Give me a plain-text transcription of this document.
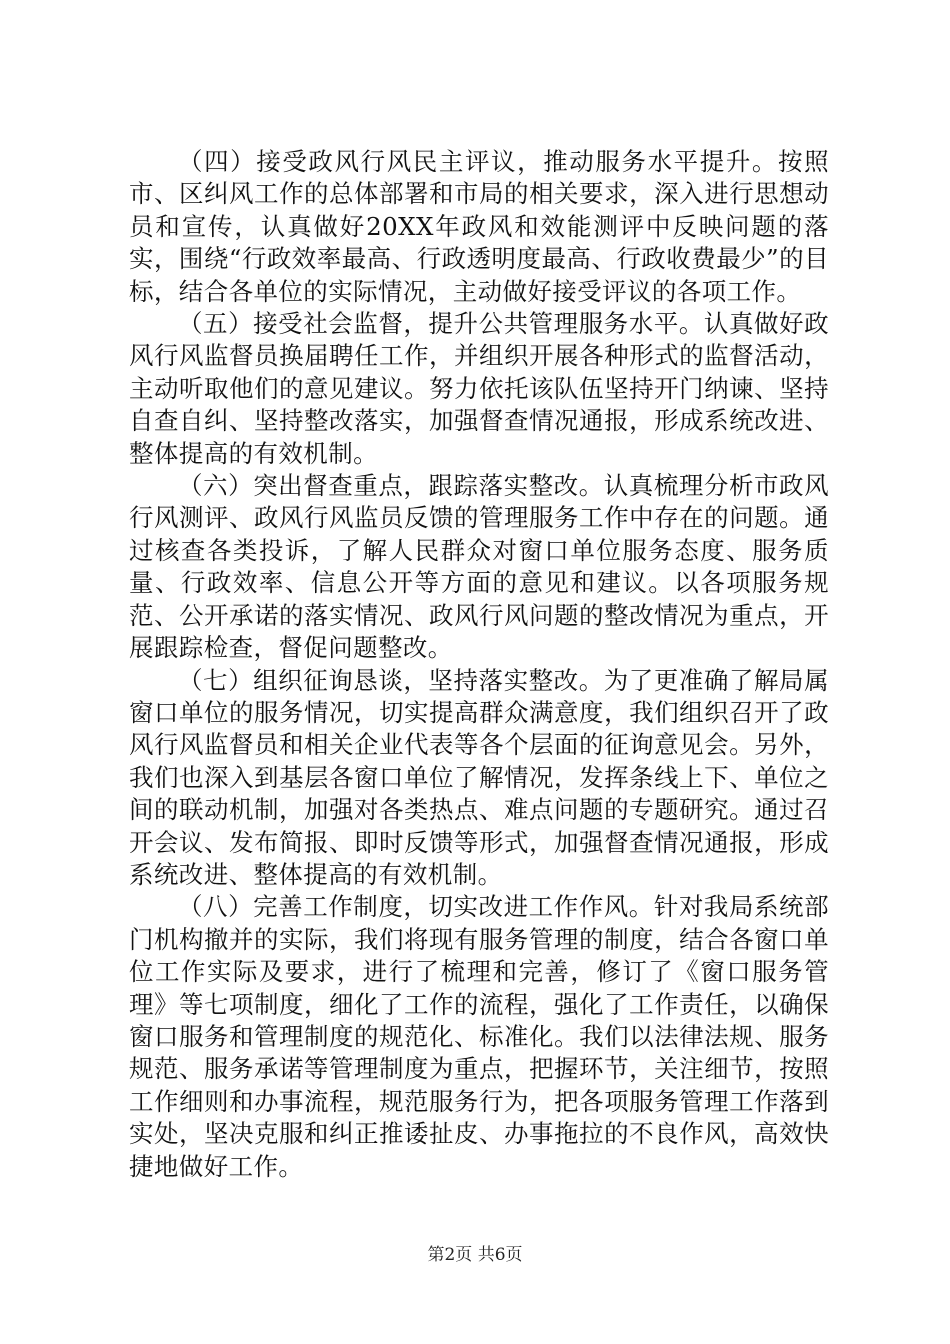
（四）接受政风行风民主评议，推动服务水平提升。按照市、区纠风工作的总体部署和市局的相关要求，深入进行思想动员和宣传，认真做好20XX年政风和效能测评中反映问题的落实，围绕“行政效率最高、行政透明度最高、行政收费最少”的目标，结合各单位的实际情况，主动做好接受评议的各项工作。

（五）接受社会监督，提升公共管理服务水平。认真做好政风行风监督员换届聘任工作，并组织开展各种形式的监督活动，主动听取他们的意见建议。努力依托该队伍坚持开门纳谏、坚持自查自纠、坚持整改落实，加强督查情况通报，形成系统改进、整体提高的有效机制。

（六）突出督查重点，跟踪落实整改。认真梳理分析市政风行风测评、政风行风监员反馈的管理服务工作中存在的问题。通过核查各类投诉，了解人民群众对窗口单位服务态度、服务质量、行政效率、信息公开等方面的意见和建议。以各项服务规范、公开承诺的落实情况、政风行风问题的整改情况为重点，开展跟踪检查，督促问题整改。

（七）组织征询恳谈，坚持落实整改。为了更准确了解局属窗口单位的服务情况，切实提高群众满意度，我们组织召开了政风行风监督员和相关企业代表等各个层面的征询意见会。另外，我们也深入到基层各窗口单位了解情况，发挥条线上下、单位之间的联动机制，加强对各类热点、难点问题的专题研究。通过召开会议、发布简报、即时反馈等形式，加强督查情况通报，形成系统改进、整体提高的有效机制。

（八）完善工作制度，切实改进工作作风。针对我局系统部门机构撤并的实际，我们将现有服务管理的制度，结合各窗口单位工作实际及要求，进行了梳理和完善，修订了《窗口服务管理》等七项制度，细化了工作的流程，强化了工作责任，以确保窗口服务和管理制度的规范化、标准化。我们以法律法规、服务规范、服务承诺等管理制度为重点，把握环节，关注细节，按照工作细则和办事流程，规范服务行为，把各项服务管理工作落到实处，坚决克服和纠正推诿扯皮、办事拖拉的不良作风，高效快捷地做好工作。

第2页 共6页
